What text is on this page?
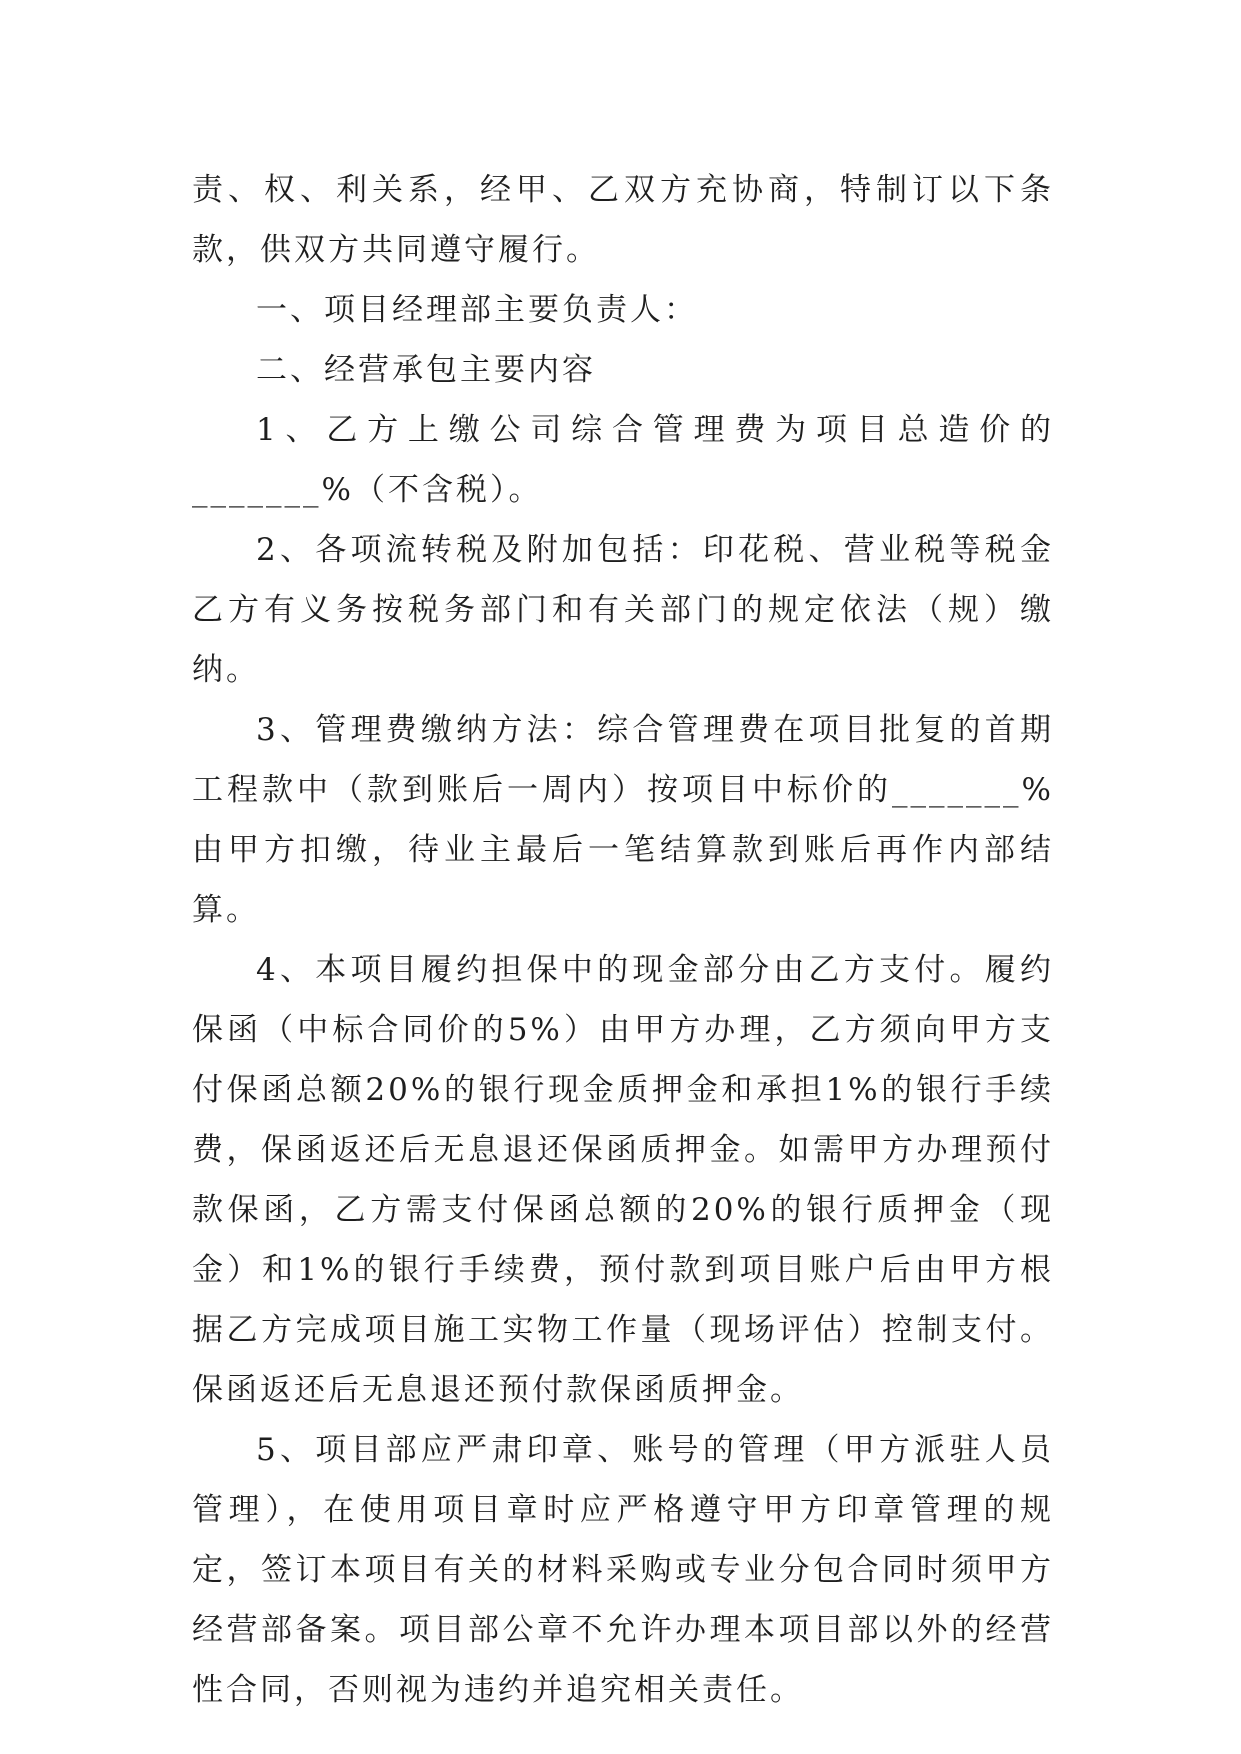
责、权、利关系，经甲、乙双方充协商，特制订以下条款，供双方共同遵守履行。

一、项目经理部主要负责人：

二、经营承包主要内容

1、乙方上缴公司综合管理费为项目总造价的_______%（不含税）。

2、各项流转税及附加包括：印花税、营业税等税金乙方有义务按税务部门和有关部门的规定依法（规）缴纳。

3、管理费缴纳方法：综合管理费在项目批复的首期工程款中（款到账后一周内）按项目中标价的_______%由甲方扣缴，待业主最后一笔结算款到账后再作内部结算。

4、本项目履约担保中的现金部分由乙方支付。履约保函（中标合同价的5%）由甲方办理，乙方须向甲方支付保函总额20%的银行现金质押金和承担1%的银行手续费，保函返还后无息退还保函质押金。如需甲方办理预付款保函，乙方需支付保函总额的20%的银行质押金（现金）和1%的银行手续费，预付款到项目账户后由甲方根据乙方完成项目施工实物工作量（现场评估）控制支付。保函返还后无息退还预付款保函质押金。

5、项目部应严肃印章、账号的管理（甲方派驻人员管理），在使用项目章时应严格遵守甲方印章管理的规定，签订本项目有关的材料采购或专业分包合同时须甲方经营部备案。项目部公章不允许办理本项目部以外的经营性合同，否则视为违约并追究相关责任。
